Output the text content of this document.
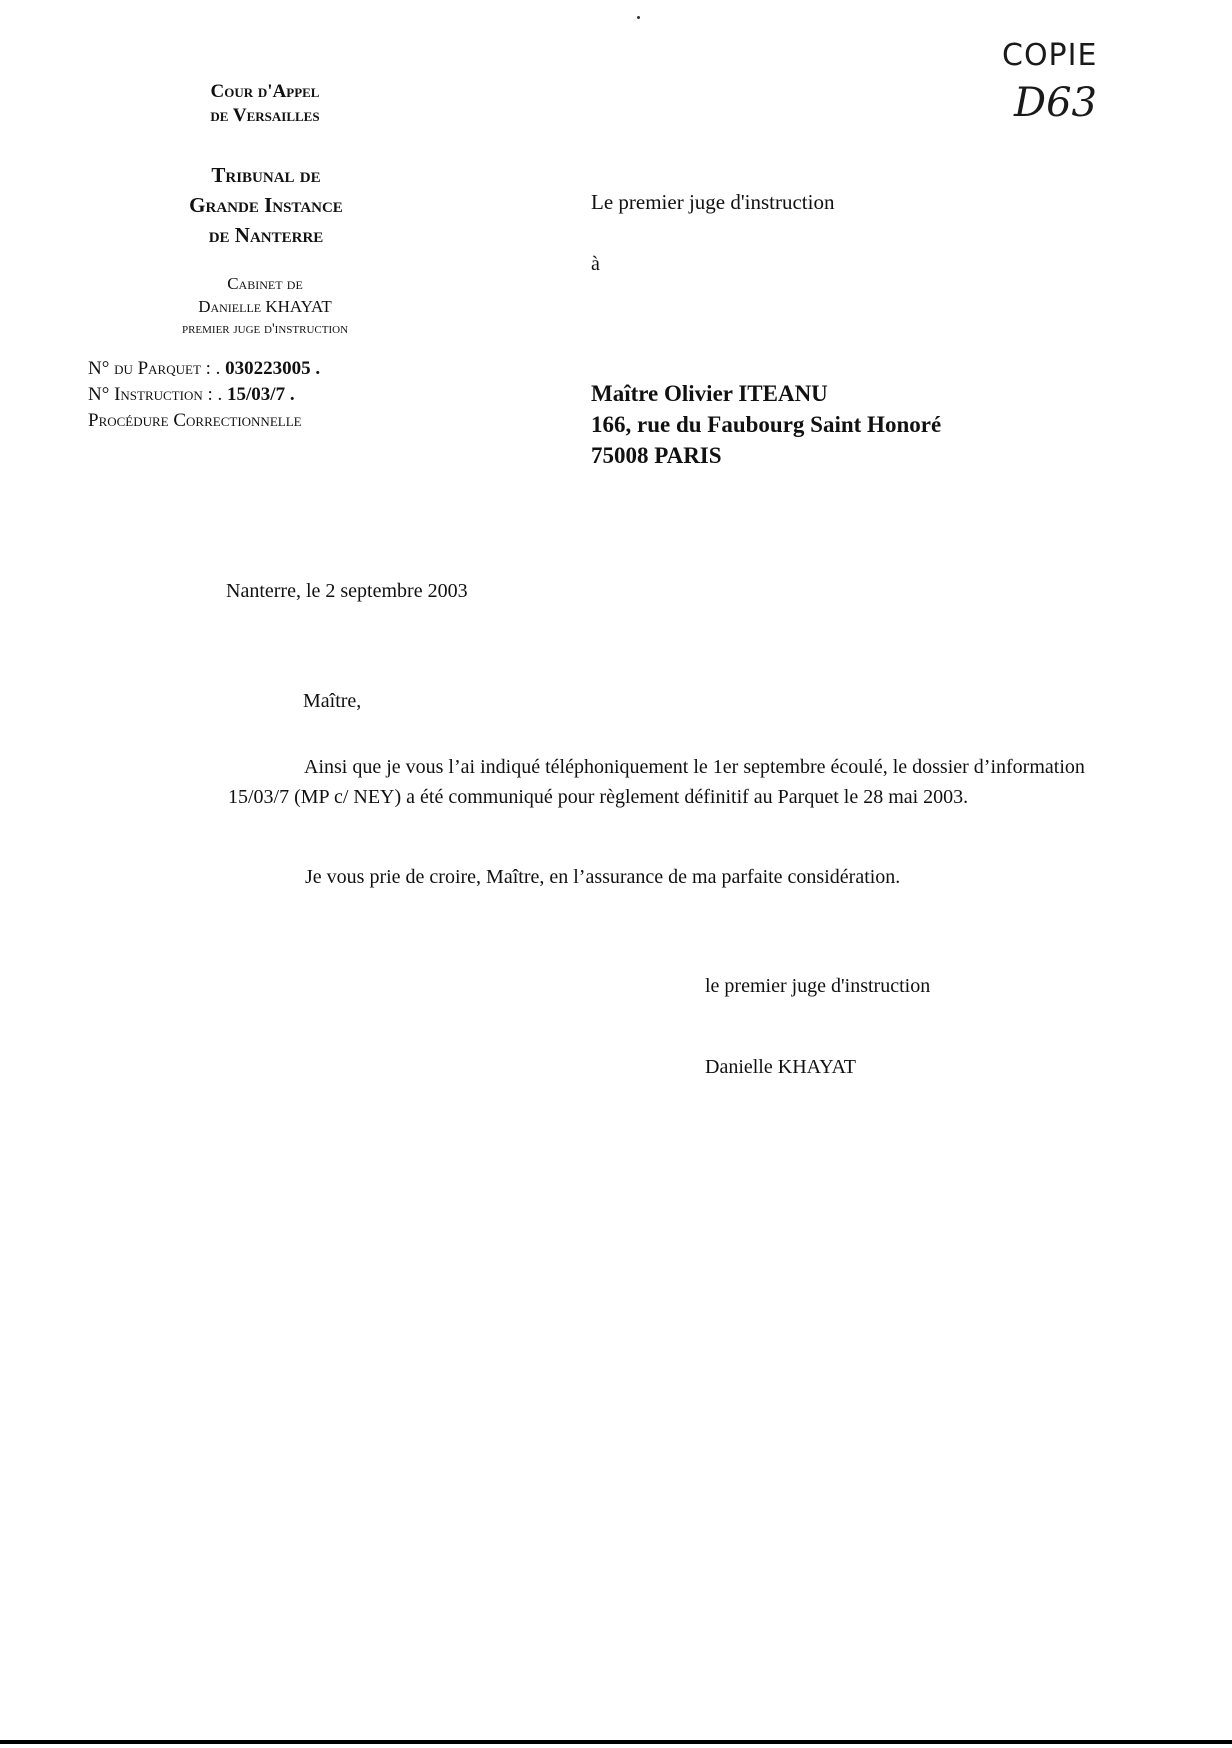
Cour d'Appel
de Versailles
Tribunal de
Grande Instance
de Nanterre
Cabinet de
Danielle KHAYAT
premier juge d'instruction
N° du Parquet : . 030223005 .
N° Instruction : . 15/03/7 .
Procédure Correctionnelle
COPIE
D63
Le premier juge d'instruction
à
Maître Olivier ITEANU
166, rue du Faubourg Saint Honoré
75008 PARIS
Nanterre, le 2 septembre 2003
Maître,
Ainsi que je vous l’ai indiqué téléphoniquement le 1er septembre écoulé, le dossier d’information
15/03/7 (MP c/ NEY) a été communiqué pour règlement définitif au Parquet le 28 mai 2003.
Je vous prie de croire, Maître, en l’assurance de ma parfaite considération.
le premier juge d'instruction
Danielle KHAYAT
